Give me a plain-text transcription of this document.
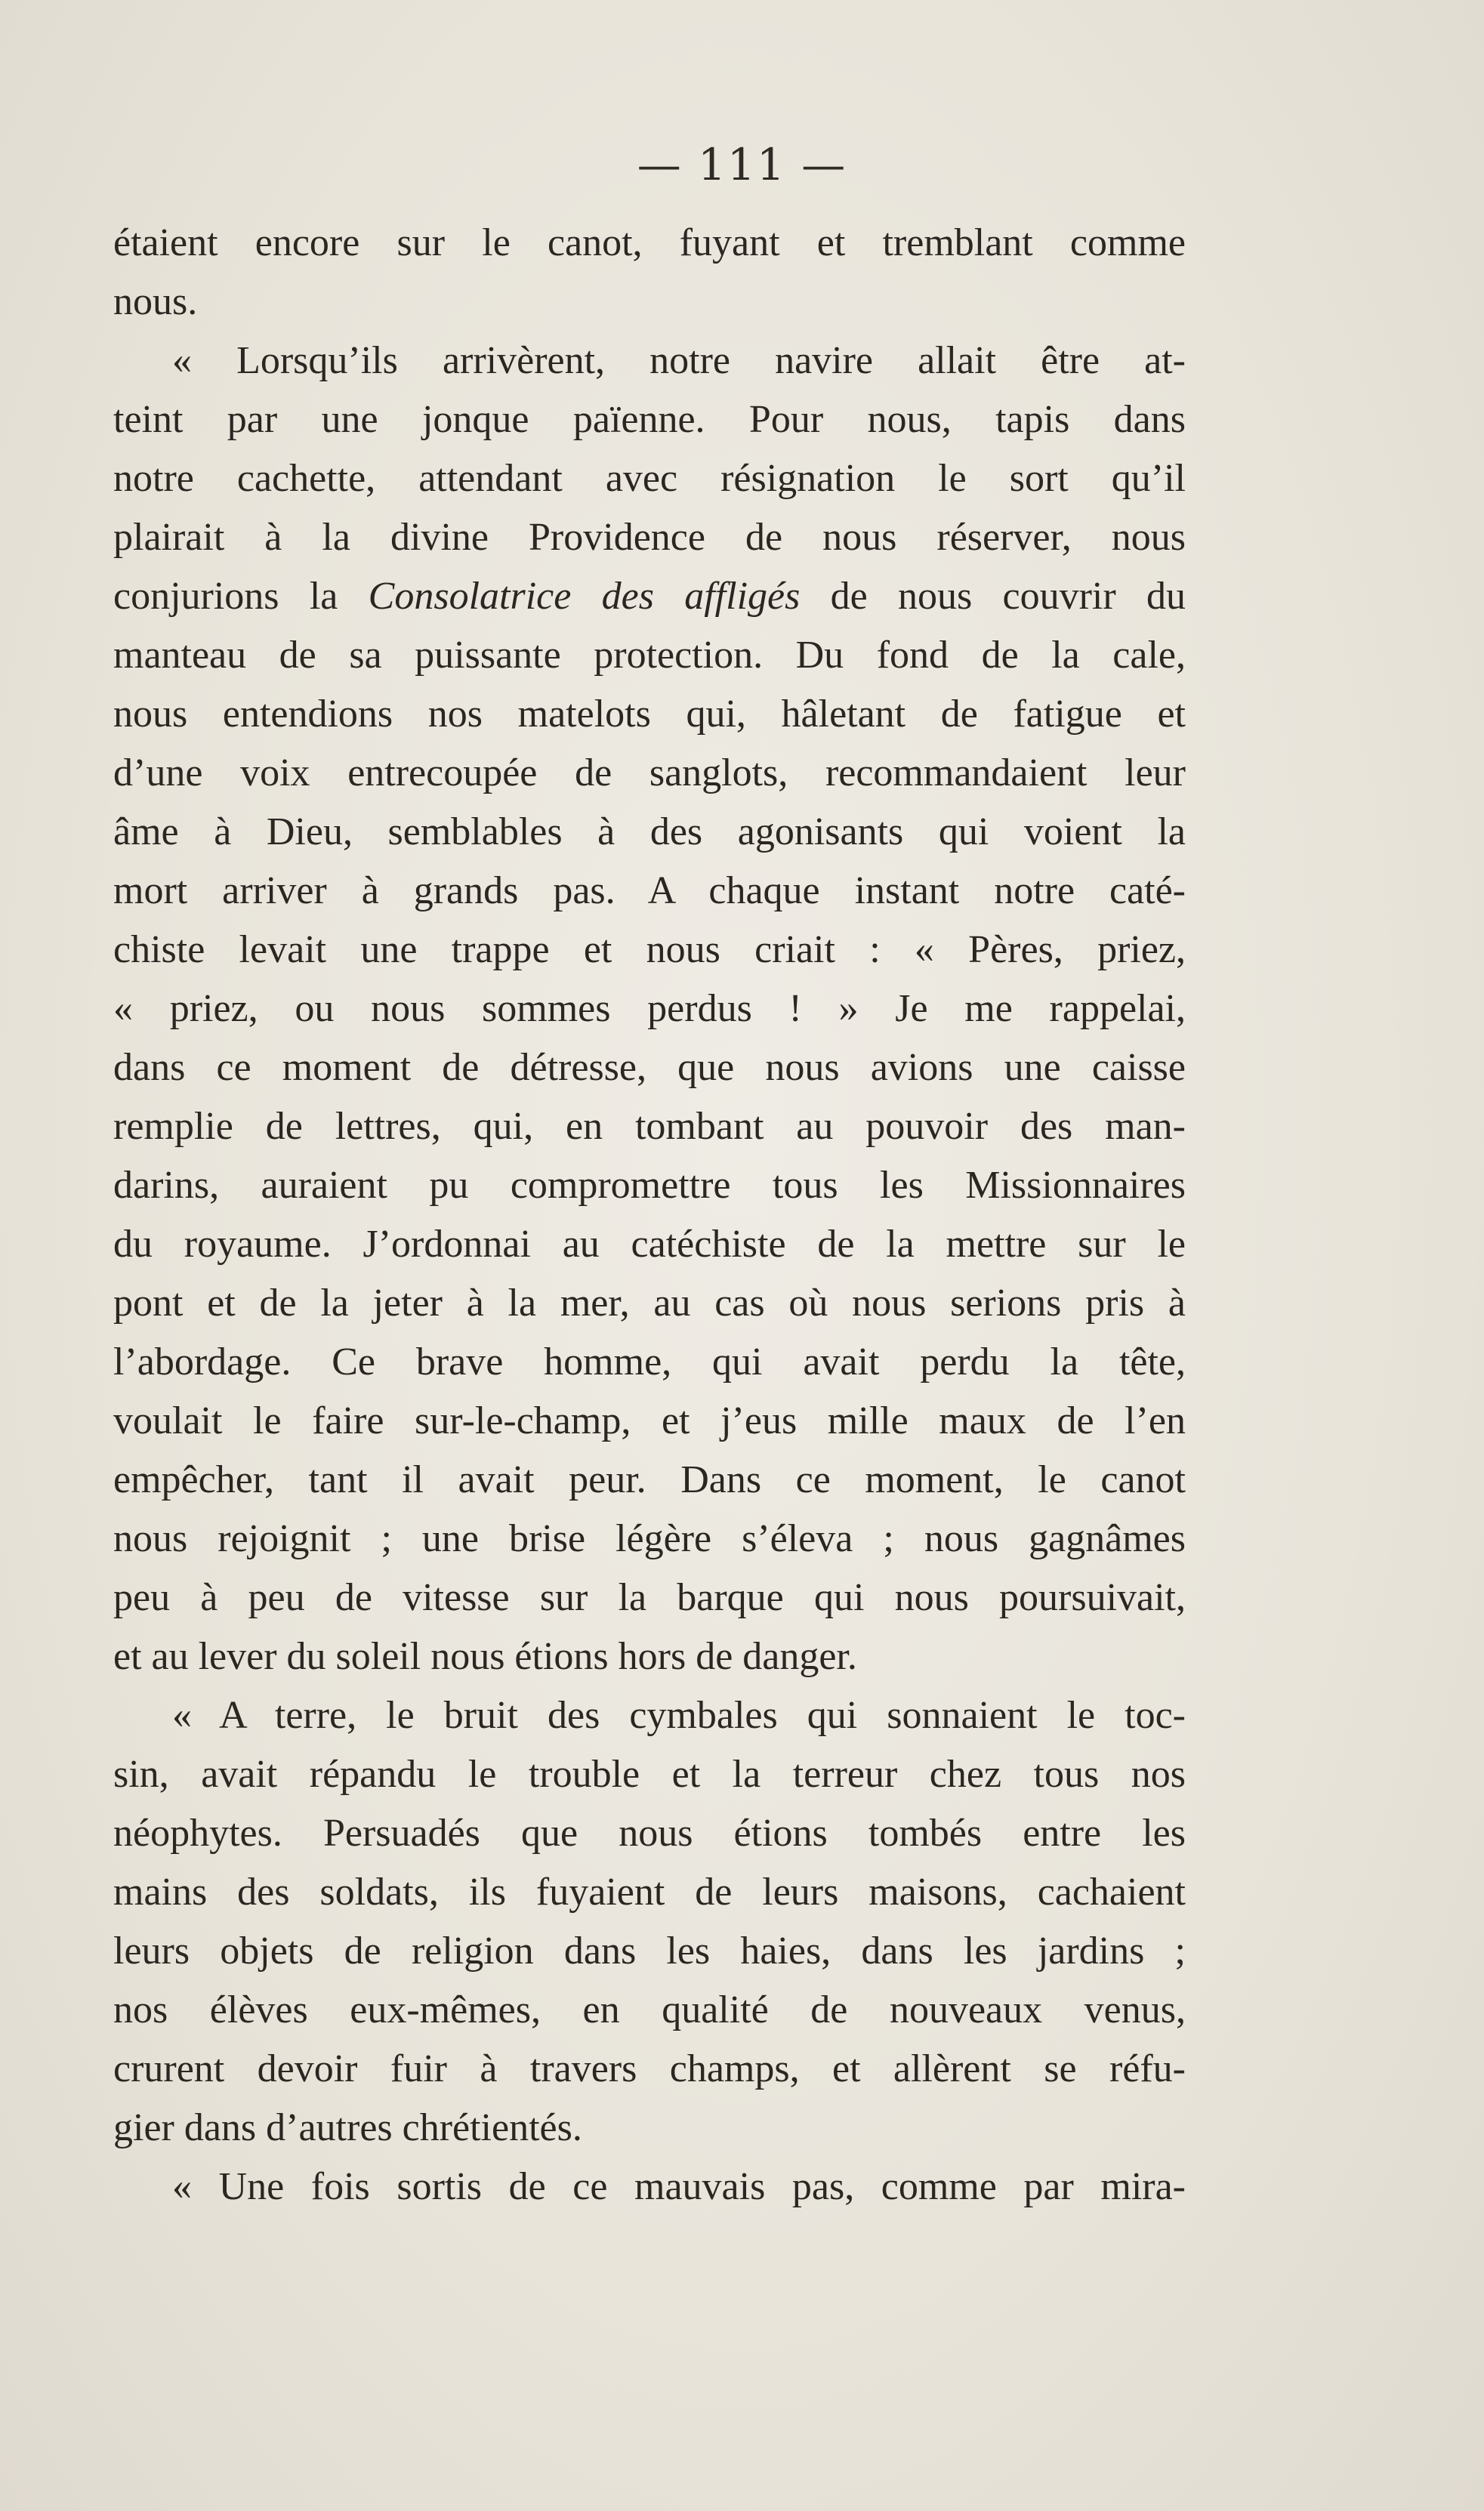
— 111 —
étaient encore sur le canot, fuyant et tremblant comme
nous.
« Lorsqu’ils arrivèrent, notre navire allait être at-
teint par une jonque païenne. Pour nous, tapis dans
notre cachette, attendant avec résignation le sort qu’il
plairait à la divine Providence de nous réserver, nous
conjurions la Consolatrice des affligés de nous couvrir du
manteau de sa puissante protection. Du fond de la cale,
nous entendions nos matelots qui, hâletant de fatigue et
d’une voix entrecoupée de sanglots, recommandaient leur
âme à Dieu, semblables à des agonisants qui voient la
mort arriver à grands pas. A chaque instant notre caté-
chiste levait une trappe et nous criait : « Pères, priez,
« priez, ou nous sommes perdus ! » Je me rappelai,
dans ce moment de détresse, que nous avions une caisse
remplie de lettres, qui, en tombant au pouvoir des man-
darins, auraient pu compromettre tous les Missionnaires
du royaume. J’ordonnai au catéchiste de la mettre sur le
pont et de la jeter à la mer, au cas où nous serions pris à
l’abordage. Ce brave homme, qui avait perdu la tête,
voulait le faire sur-le-champ, et j’eus mille maux de l’en
empêcher, tant il avait peur. Dans ce moment, le canot
nous rejoignit ; une brise légère s’éleva ; nous gagnâmes
peu à peu de vitesse sur la barque qui nous poursuivait,
et au lever du soleil nous étions hors de danger.
« A terre, le bruit des cymbales qui sonnaient le toc-
sin, avait répandu le trouble et la terreur chez tous nos
néophytes. Persuadés que nous étions tombés entre les
mains des soldats, ils fuyaient de leurs maisons, cachaient
leurs objets de religion dans les haies, dans les jardins ;
nos élèves eux-mêmes, en qualité de nouveaux venus,
crurent devoir fuir à travers champs, et allèrent se réfu-
gier dans d’autres chrétientés.
« Une fois sortis de ce mauvais pas, comme par mira-
